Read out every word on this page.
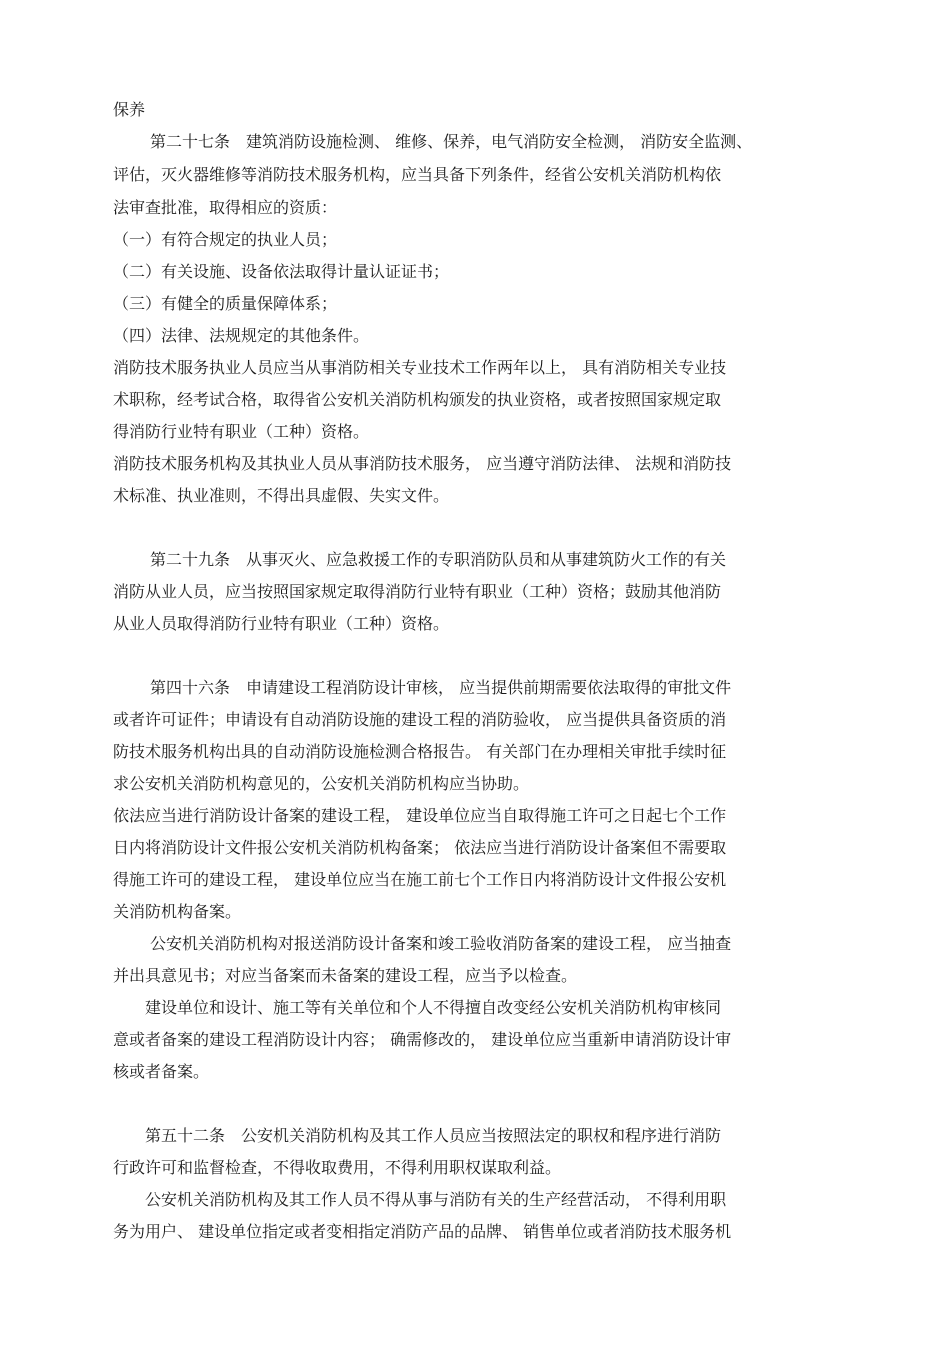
保养

第二十七条　建筑消防设施检测、 维修、保养，电气消防安全检测， 消防安全监测、

评估，灭火器维修等消防技术服务机构，应当具备下列条件，经省公安机关消防机构依

法审查批准，取得相应的资质：

（一）有符合规定的执业人员；

（二）有关设施、设备依法取得计量认证证书；

（三）有健全的质量保障体系；

（四）法律、法规规定的其他条件。

消防技术服务执业人员应当从事消防相关专业技术工作两年以上， 具有消防相关专业技

术职称，经考试合格，取得省公安机关消防机构颁发的执业资格，或者按照国家规定取

得消防行业特有职业（工种）资格。

消防技术服务机构及其执业人员从事消防技术服务， 应当遵守消防法律、 法规和消防技

术标准、执业准则，不得出具虚假、失实文件。

第二十九条　从事灭火、应急救援工作的专职消防队员和从事建筑防火工作的有关

消防从业人员，应当按照国家规定取得消防行业特有职业（工种）资格；鼓励其他消防

从业人员取得消防行业特有职业（工种）资格。

第四十六条　申请建设工程消防设计审核， 应当提供前期需要依法取得的审批文件

或者许可证件；申请设有自动消防设施的建设工程的消防验收， 应当提供具备资质的消

防技术服务机构出具的自动消防设施检测合格报告。 有关部门在办理相关审批手续时征

求公安机关消防机构意见的，公安机关消防机构应当协助。

依法应当进行消防设计备案的建设工程， 建设单位应当自取得施工许可之日起七个工作

日内将消防设计文件报公安机关消防机构备案； 依法应当进行消防设计备案但不需要取

得施工许可的建设工程， 建设单位应当在施工前七个工作日内将消防设计文件报公安机

关消防机构备案。

公安机关消防机构对报送消防设计备案和竣工验收消防备案的建设工程， 应当抽查

并出具意见书；对应当备案而未备案的建设工程，应当予以检查。

建设单位和设计、施工等有关单位和个人不得擅自改变经公安机关消防机构审核同

意或者备案的建设工程消防设计内容； 确需修改的， 建设单位应当重新申请消防设计审

核或者备案。

第五十二条　公安机关消防机构及其工作人员应当按照法定的职权和程序进行消防

行政许可和监督检查，不得收取费用，不得利用职权谋取利益。

公安机关消防机构及其工作人员不得从事与消防有关的生产经营活动， 不得利用职

务为用户、 建设单位指定或者变相指定消防产品的品牌、 销售单位或者消防技术服务机
